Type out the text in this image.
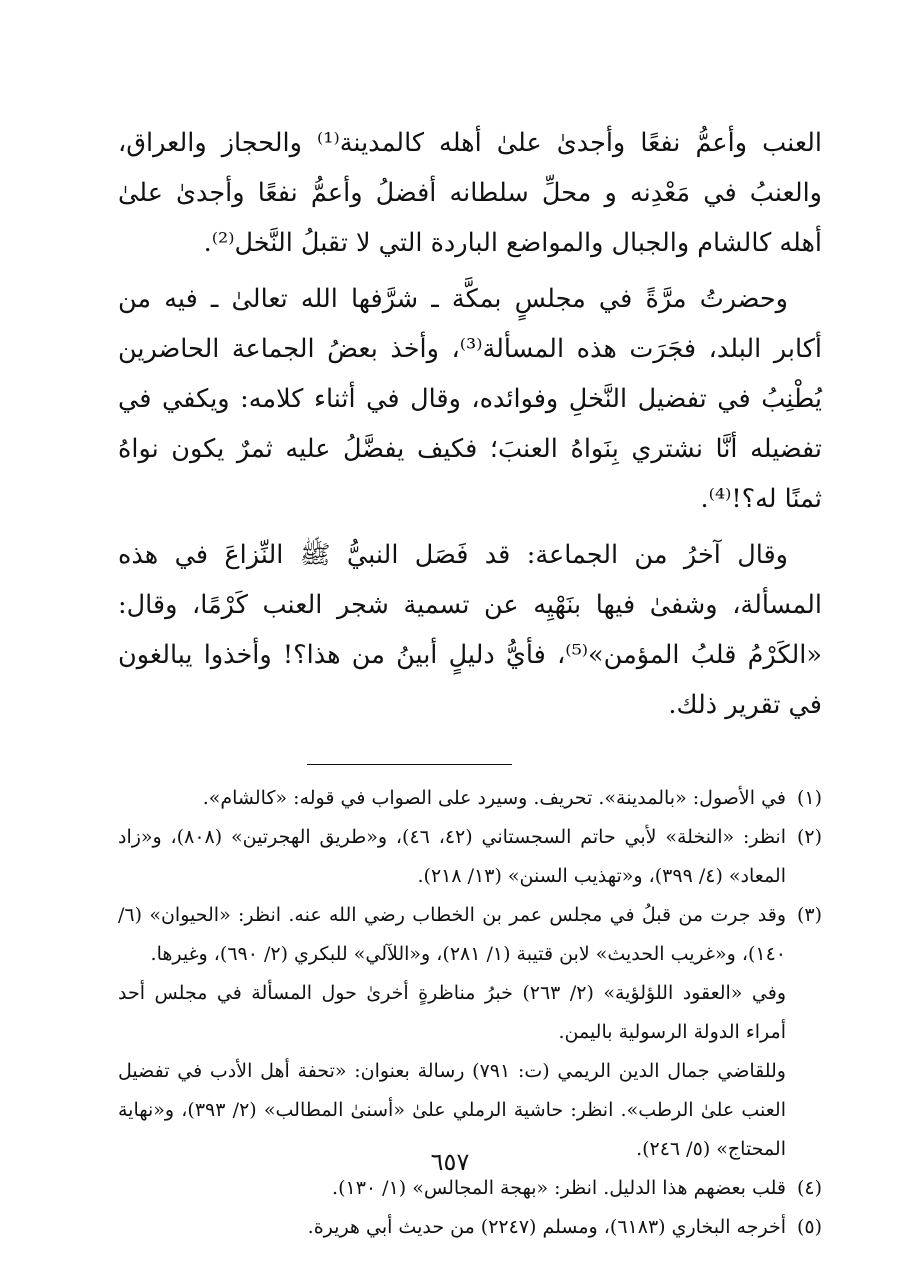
العنب وأعمُّ نفعًا وأجدىٰ علىٰ أهله كالمدينة⁽¹⁾ والحجاز والعراق، والعنبُ في مَعْدِنه و محلِّ سلطانه أفضلُ وأعمُّ نفعًا وأجدىٰ علىٰ أهله كالشام والجبال والمواضع الباردة التي لا تقبلُ النَّخل⁽²⁾.

وحضرتُ مرَّةً في مجلسٍ بمكَّة ـ شرَّفها الله تعالىٰ ـ فيه من أكابر البلد، فجَرَت هذه المسألة⁽³⁾، وأخذ بعضُ الجماعة الحاضرين يُطْنِبُ في تفضيل النَّخلِ وفوائده، وقال في أثناء كلامه: ويكفي في تفضيله أنَّا نشتري بِنَواهُ العنبَ؛ فكيف يفضَّلُ عليه ثمرٌ يكون نواهُ ثمنًا له؟!⁽⁴⁾.

وقال آخرُ من الجماعة: قد فَصَل النبيُّ ﷺ النِّزاعَ في هذه المسألة، وشفىٰ فيها بنَهْيِه عن تسمية شجر العنب كَرْمًا، وقال: «الكَرْمُ قلبُ المؤمن»⁽⁵⁾، فأيُّ دليلٍ أبينُ من هذا؟! وأخذوا يبالغون في تقرير ذلك.

(١)

في الأصول: «بالمدينة». تحريف. وسيرد على الصواب في قوله: «كالشام».

(٢)

انظر: «النخلة» لأبي حاتم السجستاني (٤٢، ٤٦)، و«طريق الهجرتين» (٨٠٨)، و«زاد المعاد» (٤/ ٣٩٩)، و«تهذيب السنن» (١٣/ ٢١٨).

(٣)

وقد جرت من قبلُ في مجلس عمر بن الخطاب رضي الله عنه. انظر: «الحيوان» (٦/ ١٤٠)، و«غريب الحديث» لابن قتيبة (١/ ٢٨١)، و«اللآلي» للبكري (٢/ ٦٩٠)، وغيرها.

وفي «العقود اللؤلؤية» (٢/ ٢٦٣) خبرُ مناظرةٍ أخرىٰ حول المسألة في مجلس أحد أمراء الدولة الرسولية باليمن.

وللقاضي جمال الدين الريمي (ت: ٧٩١) رسالة بعنوان: «تحفة أهل الأدب في تفضيل العنب علىٰ الرطب». انظر: حاشية الرملي علىٰ «أسنىٰ المطالب» (٢/ ٣٩٣)، و«نهاية المحتاج» (٥/ ٢٤٦).

(٤)

قلب بعضهم هذا الدليل. انظر: «بهجة المجالس» (١/ ١٣٠).

(٥)

أخرجه البخاري (٦١٨٣)، ومسلم (٢٢٤٧) من حديث أبي هريرة.

٦٥٧
